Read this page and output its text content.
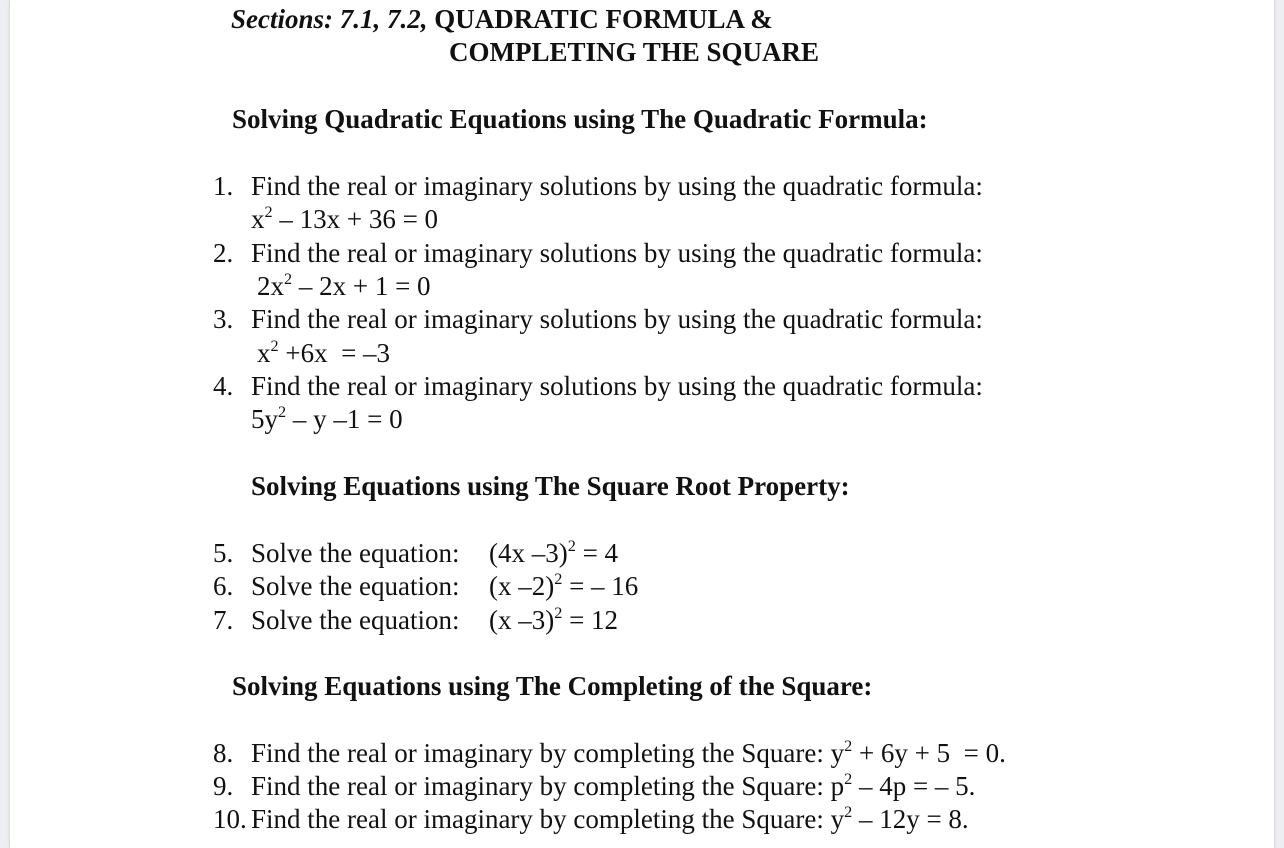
Sections: 7.1, 7.2, QUADRATIC FORMULA &
COMPLETING THE SQUARE
Solving Quadratic Equations using The Quadratic Formula:
1. Find the real or imaginary solutions by using the quadratic formula:
$x^2 - 13x + 36 = 0$
2. Find the real or imaginary solutions by using the quadratic formula:
$2x^2 - 2x + 1 = 0$
3. Find the real or imaginary solutions by using the quadratic formula:
$x^2 +6x = -3$
4. Find the real or imaginary solutions by using the quadratic formula:
$5y^2$ – y –1 = 0
Solving Equations using The Square Root Property:
5. Solve the equation: (4x –3)$^2$ = 4
6. Solve the equation: (x –2)$^2$ = – 16
7. Solve the equation: (x –3)$^2$ = 12
Solving Equations using The Completing of the Square:
8. Find the real or imaginary by completing the Square: $y^2 + 6y + 5 = 0$.
9. Find the real or imaginary by completing the Square: $p^2 - 4p$ = – 5.
10. Find the real or imaginary by completing the Square: $y^2 - 12y = 8$.
